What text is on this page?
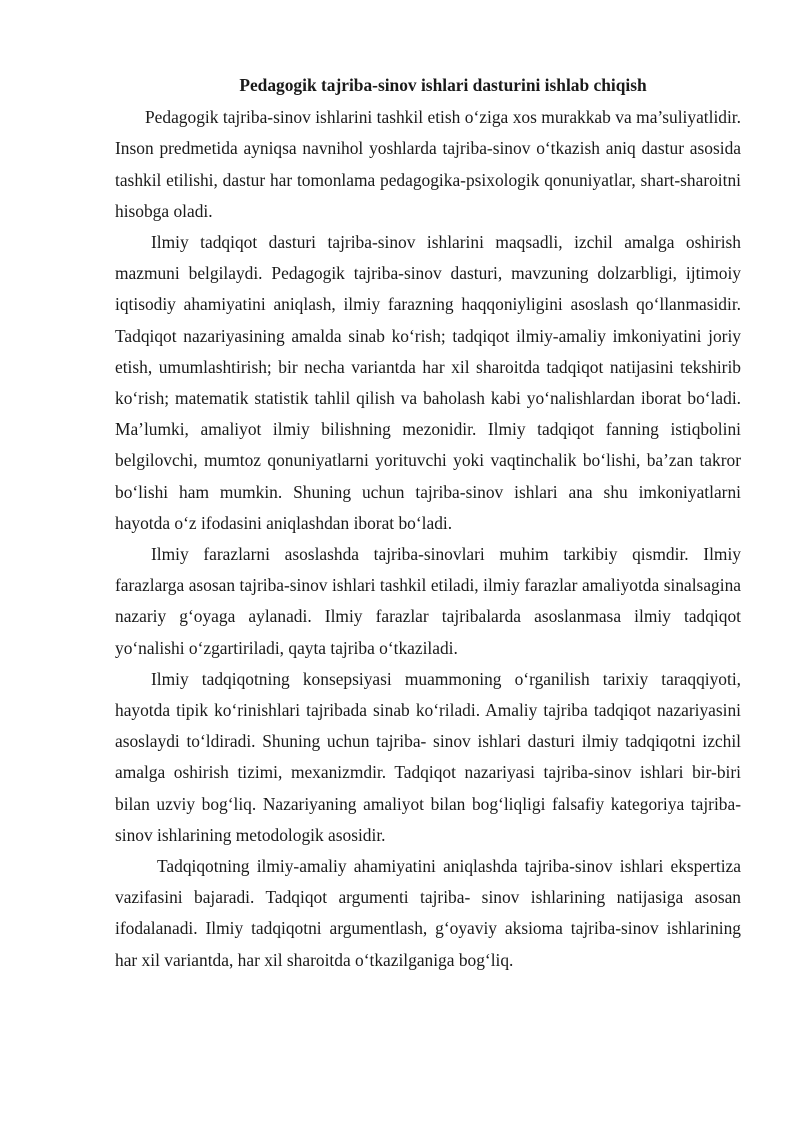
Pedagogik tajriba-sinov ishlari dasturini ishlab chiqish

Pedagogik tajriba-sinov ishlarini tashkil etish o‘ziga xos murakkab va ma’suliyatlidir. Inson predmetida ayniqsa navnihol yoshlarda tajriba-sinov o‘tkazish aniq dastur asosida tashkil etilishi, dastur har tomonlama pedagogika-psixologik qonuniyatlar, shart-sharoitni hisobga oladi.

Ilmiy tadqiqot dasturi tajriba-sinov ishlarini maqsadli, izchil amalga oshirish mazmuni belgilaydi. Pedagogik tajriba-sinov dasturi, mavzuning dolzarbligi, ijtimoiy iqtisodiy ahamiyatini aniqlash, ilmiy farazning haqqoniyligini asoslash qo‘llanmasidir. Tadqiqot nazariyasining amalda sinab ko‘rish; tadqiqot ilmiy-amaliy imkoniyatini joriy etish, umumlashtirish; bir necha variantda har xil sharoitda tadqiqot natijasini tekshirib ko‘rish; matematik statistik tahlil qilish va baholash kabi yo‘nalishlardan iborat bo‘ladi. Ma’lumki, amaliyot ilmiy bilishning mezonidir. Ilmiy tadqiqot fanning istiqbolini belgilovchi, mumtoz qonuniyatlarni yorituvchi yoki vaqtinchalik bo‘lishi, ba’zan takror bo‘lishi ham mumkin. Shuning uchun tajriba-sinov ishlari ana shu imkoniyatlarni hayotda o‘z ifodasini aniqlashdan iborat bo‘ladi.

Ilmiy farazlarni asoslashda tajriba-sinovlari muhim tarkibiy qismdir. Ilmiy farazlarga asosan tajriba-sinov ishlari tashkil etiladi, ilmiy farazlar amaliyotda sinalsagina nazariy g‘oyaga aylanadi. Ilmiy farazlar tajribalarda asoslanmasa ilmiy tadqiqot yo‘nalishi o‘zgartiriladi, qayta tajriba o‘tkaziladi.

Ilmiy tadqiqotning konsepsiyasi muammoning o‘rganilish tarixiy taraqqiyoti, hayotda tipik ko‘rinishlari tajribada sinab ko‘riladi. Amaliy tajriba tadqiqot nazariyasini asoslaydi to‘ldiradi. Shuning uchun tajriba- sinov ishlari dasturi ilmiy tadqiqotni izchil amalga oshirish tizimi, mexanizmdir. Tadqiqot nazariyasi tajriba-sinov ishlari bir-biri bilan uzviy bog‘liq. Nazariyaning amaliyot bilan bog‘liqligi falsafiy kategoriya tajriba-sinov ishlarining metodologik asosidir.

Tadqiqotning ilmiy-amaliy ahamiyatini aniqlashda tajriba-sinov ishlari ekspertiza vazifasini bajaradi. Tadqiqot argumenti tajriba- sinov ishlarining natijasiga asosan ifodalanadi. Ilmiy tadqiqotni argumentlash, g‘oyaviy aksioma tajriba-sinov ishlarining har xil variantda, har xil sharoitda o‘tkazilganiga bog‘liq.
